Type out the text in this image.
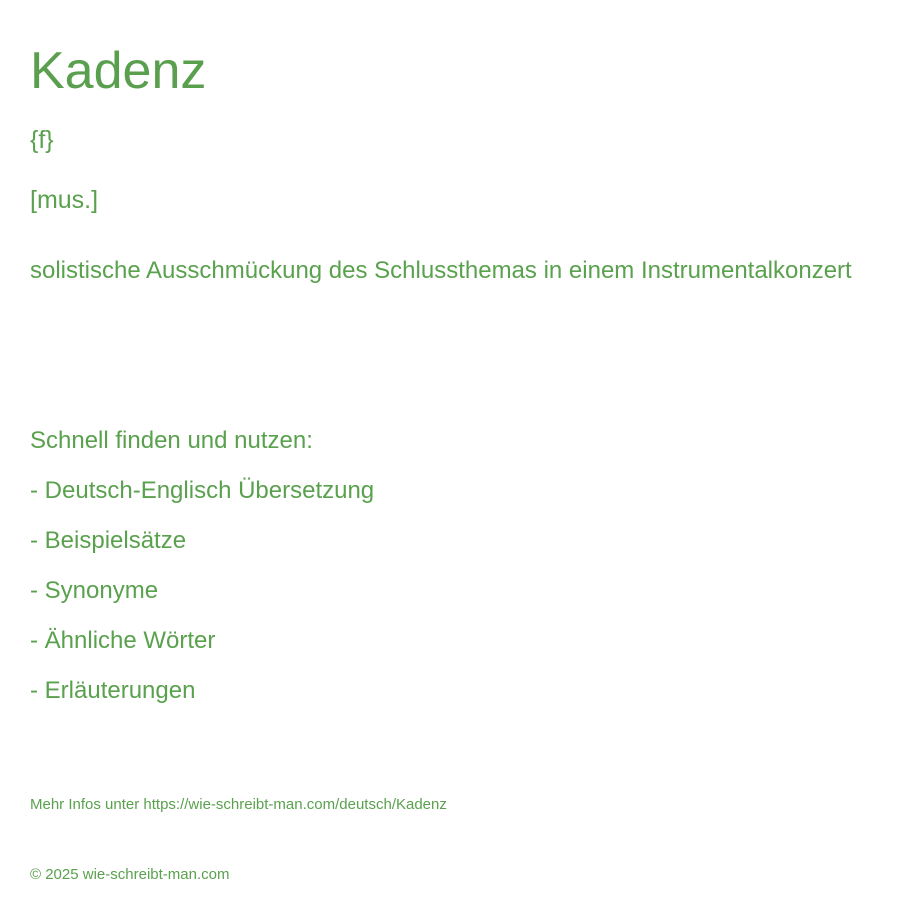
Kadenz
{f}
[mus.]
solistische Ausschmückung des Schlussthemas in einem Instrumentalkonzert
Schnell finden und nutzen:
- Deutsch-Englisch Übersetzung
- Beispielsätze
- Synonyme
- Ähnliche Wörter
- Erläuterungen
Mehr Infos unter https://wie-schreibt-man.com/deutsch/Kadenz
© 2025 wie-schreibt-man.com
